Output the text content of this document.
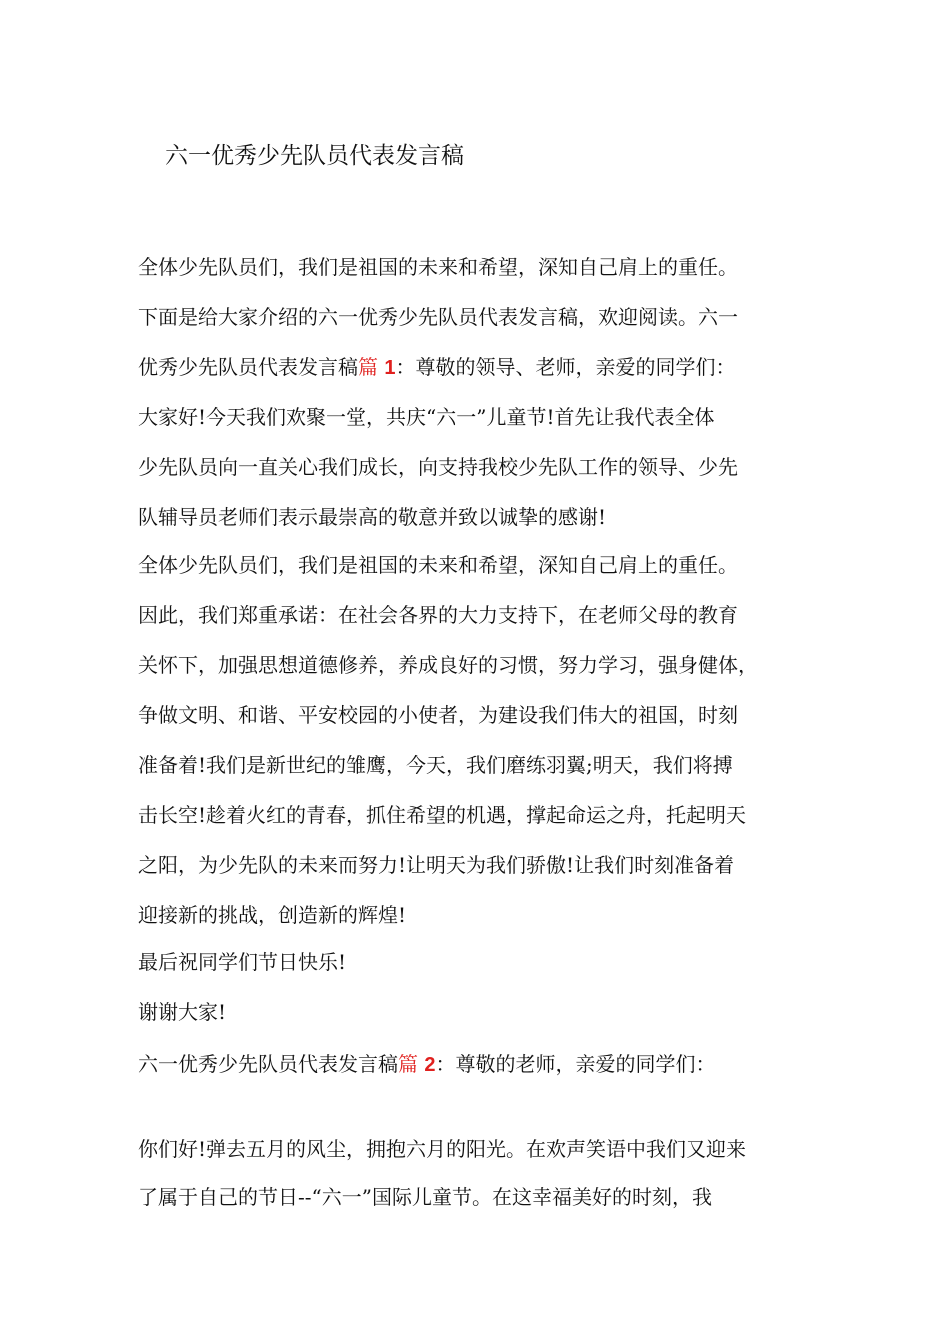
六一优秀少先队员代表发言稿
全体少先队员们，我们是祖国的未来和希望，深知自己肩上的重任。
下面是给大家介绍的六一优秀少先队员代表发言稿，欢迎阅读。六一
优秀少先队员代表发言稿篇 1：尊敬的领导、老师，亲爱的同学们：
大家好!今天我们欢聚一堂，共庆“六一”儿童节!首先让我代表全体
少先队员向一直关心我们成长，向支持我校少先队工作的领导、少先
队辅导员老师们表示最崇高的敬意并致以诚挚的感谢!
全体少先队员们，我们是祖国的未来和希望，深知自己肩上的重任。
因此，我们郑重承诺：在社会各界的大力支持下，在老师父母的教育
关怀下，加强思想道德修养，养成良好的习惯，努力学习，强身健体，
争做文明、和谐、平安校园的小使者，为建设我们伟大的祖国，时刻
准备着!我们是新世纪的雏鹰，今天，我们磨练羽翼;明天，我们将搏
击长空!趁着火红的青春，抓住希望的机遇，撑起命运之舟，托起明天
之阳，为少先队的未来而努力!让明天为我们骄傲!让我们时刻准备着
迎接新的挑战，创造新的辉煌!
最后祝同学们节日快乐!
谢谢大家!
六一优秀少先队员代表发言稿篇 2：尊敬的老师，亲爱的同学们：
你们好!弹去五月的风尘，拥抱六月的阳光。在欢声笑语中我们又迎来
了属于自己的节日--“六一”国际儿童节。在这幸福美好的时刻，我
